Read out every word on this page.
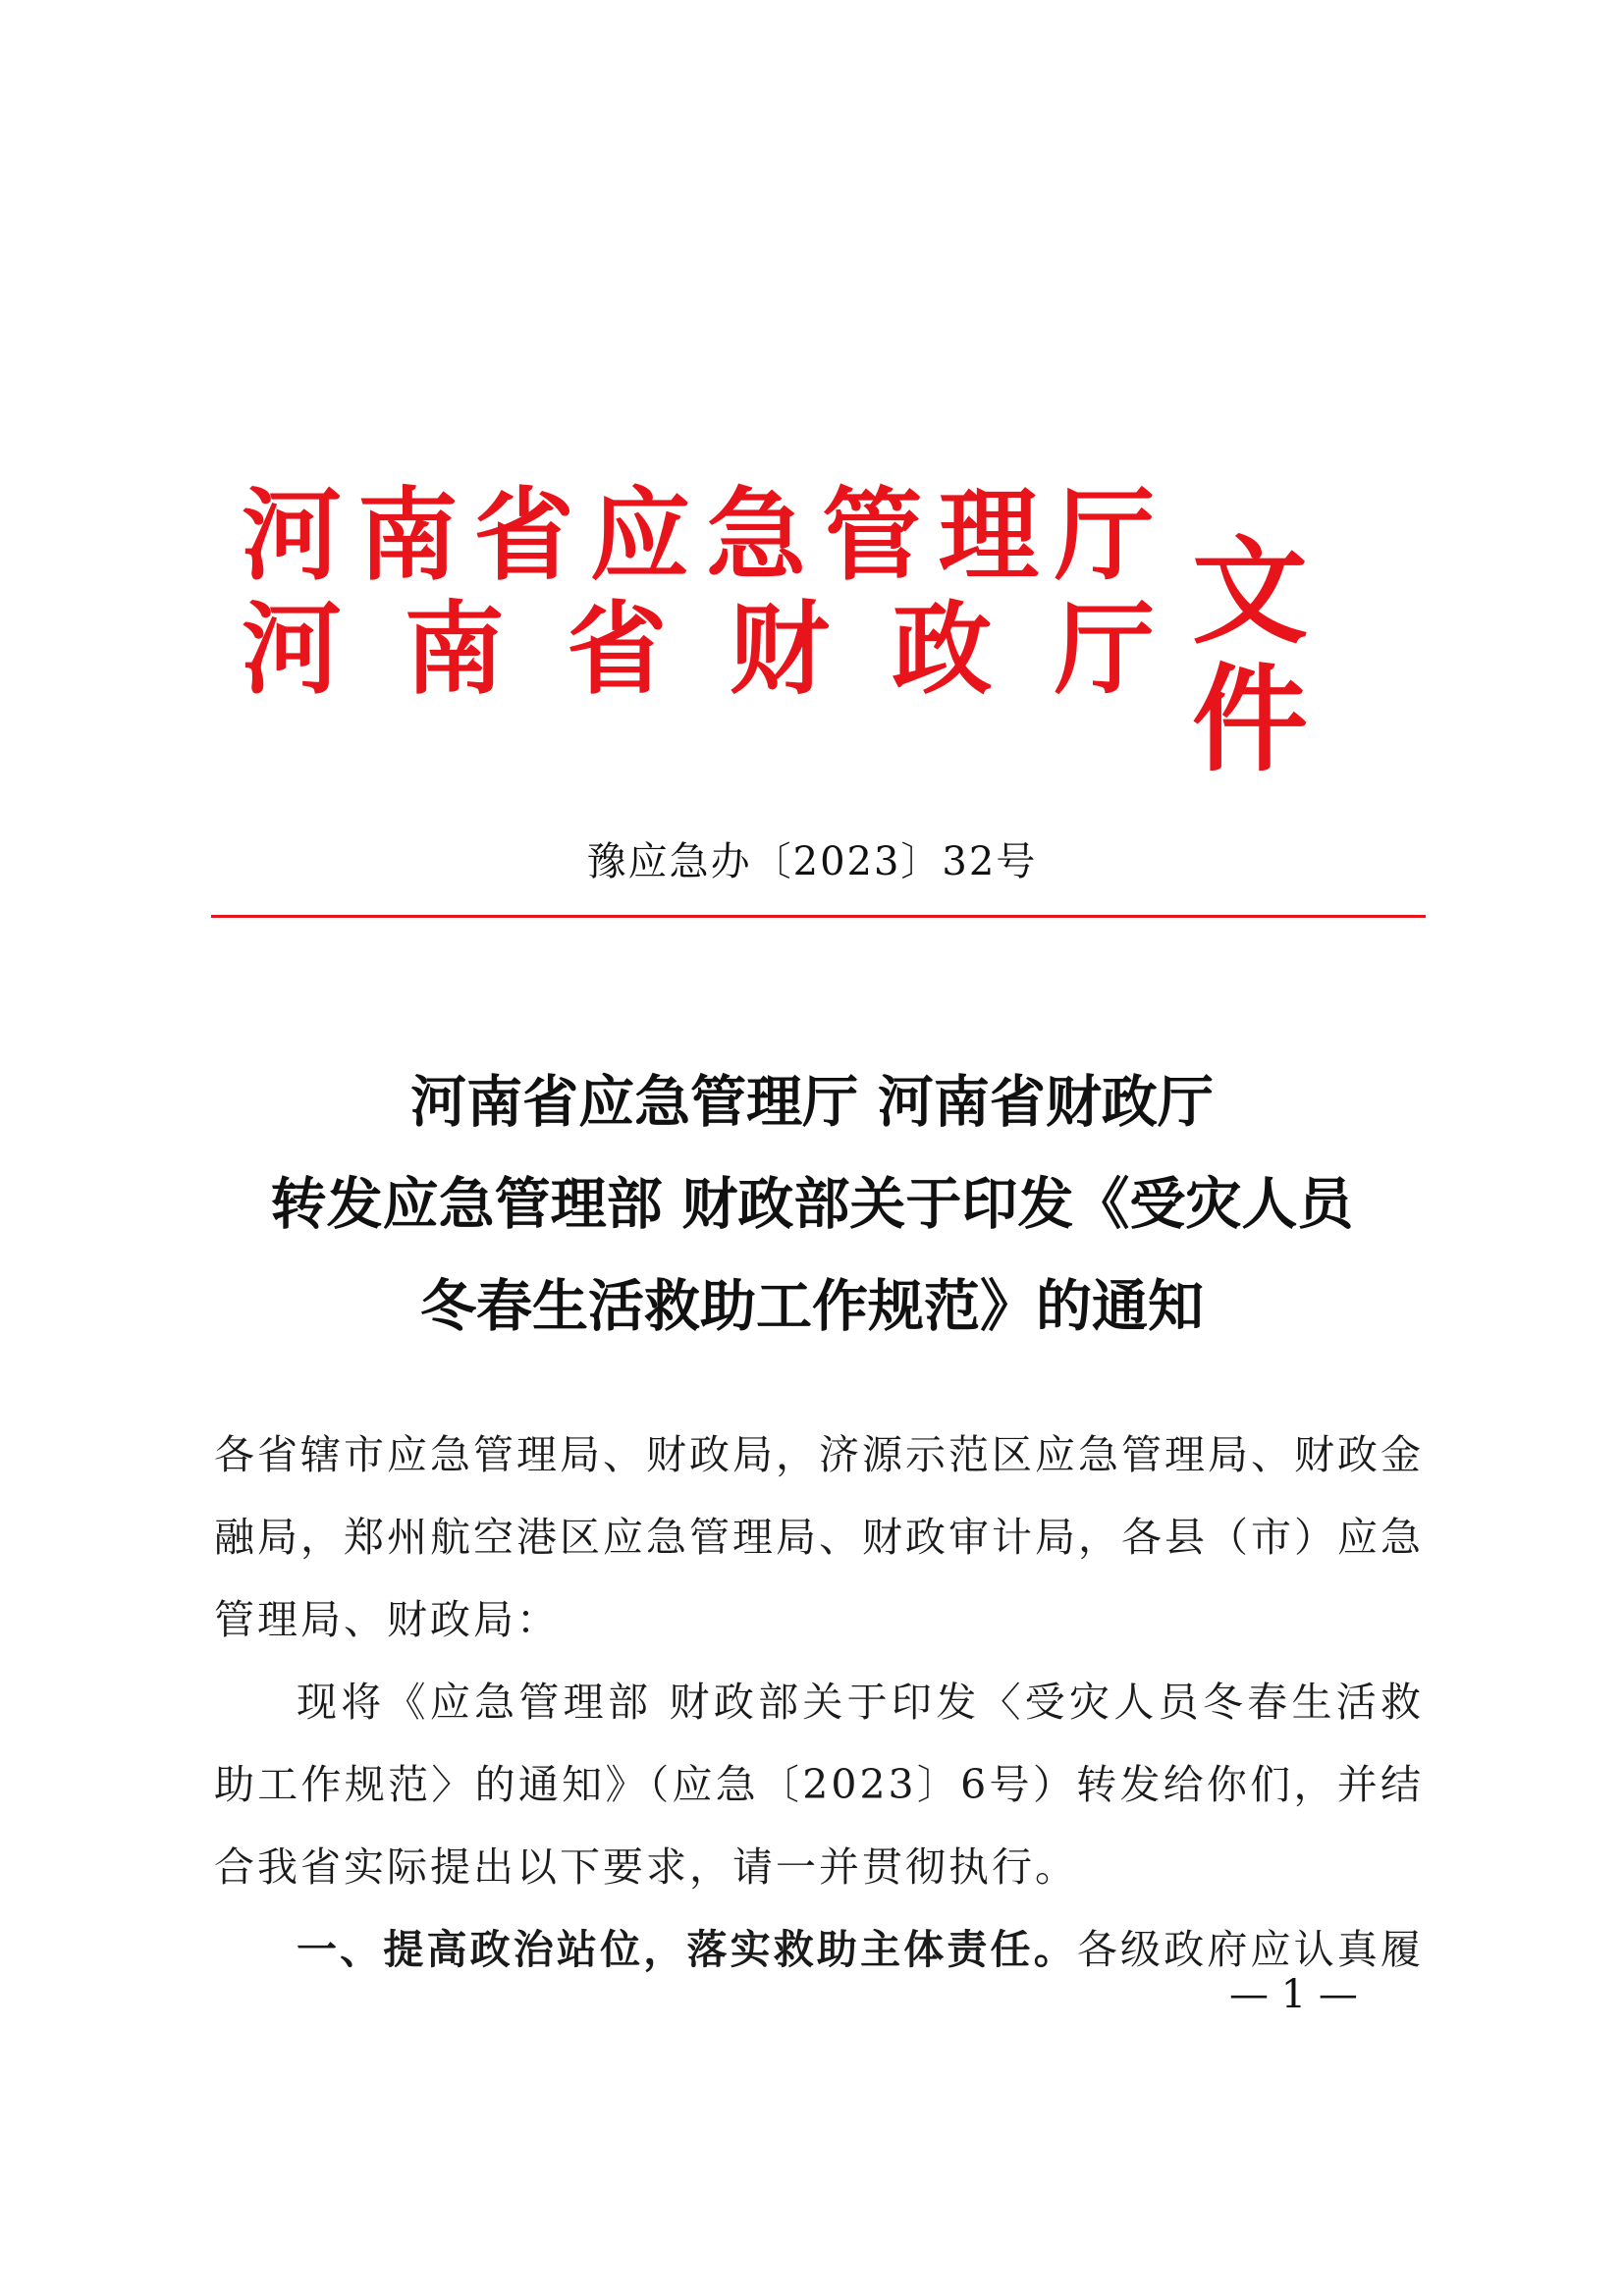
河 南 省 应 急 管 理 厅
河 南 省 财 政 厅 文件
豫应急办〔2023〕32号
河南省应急管理厅 河南省财政厅
转发应急管理部 财政部关于印发《受灾人员
冬春生活救助工作规范》的通知

各省辖市应急管理局、财政局，济源示范区应急管理局、财政金

融局，郑州航空港区应急管理局、财政审计局，各县（市）应急

管理局、财政局：

现将《应急管理部 财政部关于印发〈受灾人员冬春生活救

助工作规范〉的通知》（应急〔2023〕6号）转发给你们，并结

合我省实际提出以下要求，请一并贯彻执行。

一、提高政治站位，落实救助主体责任。各级政府应认真履

— 1 —
